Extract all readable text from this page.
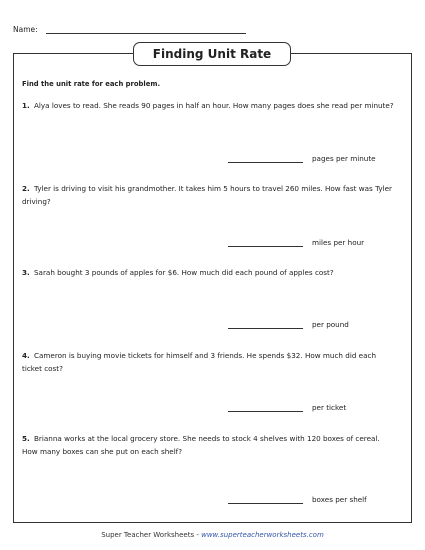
Name:
Finding Unit Rate
Find the unit rate for each problem.
1. Alya loves to read. She reads 90 pages in half an hour. How many pages does she read per minute?
pages per minute
2. Tyler is driving to visit his grandmother. It takes him 5 hours to travel 260 miles. How fast was Tyler driving?
miles per hour
3. Sarah bought 3 pounds of apples for $6. How much did each pound of apples cost?
per pound
4. Cameron is buying movie tickets for himself and 3 friends. He spends $32. How much did each ticket cost?
per ticket
5. Brianna works at the local grocery store. She needs to stock 4 shelves with 120 boxes of cereal. How many boxes can she put on each shelf?
boxes per shelf
Super Teacher Worksheets - www.superteacherworksheets.com
